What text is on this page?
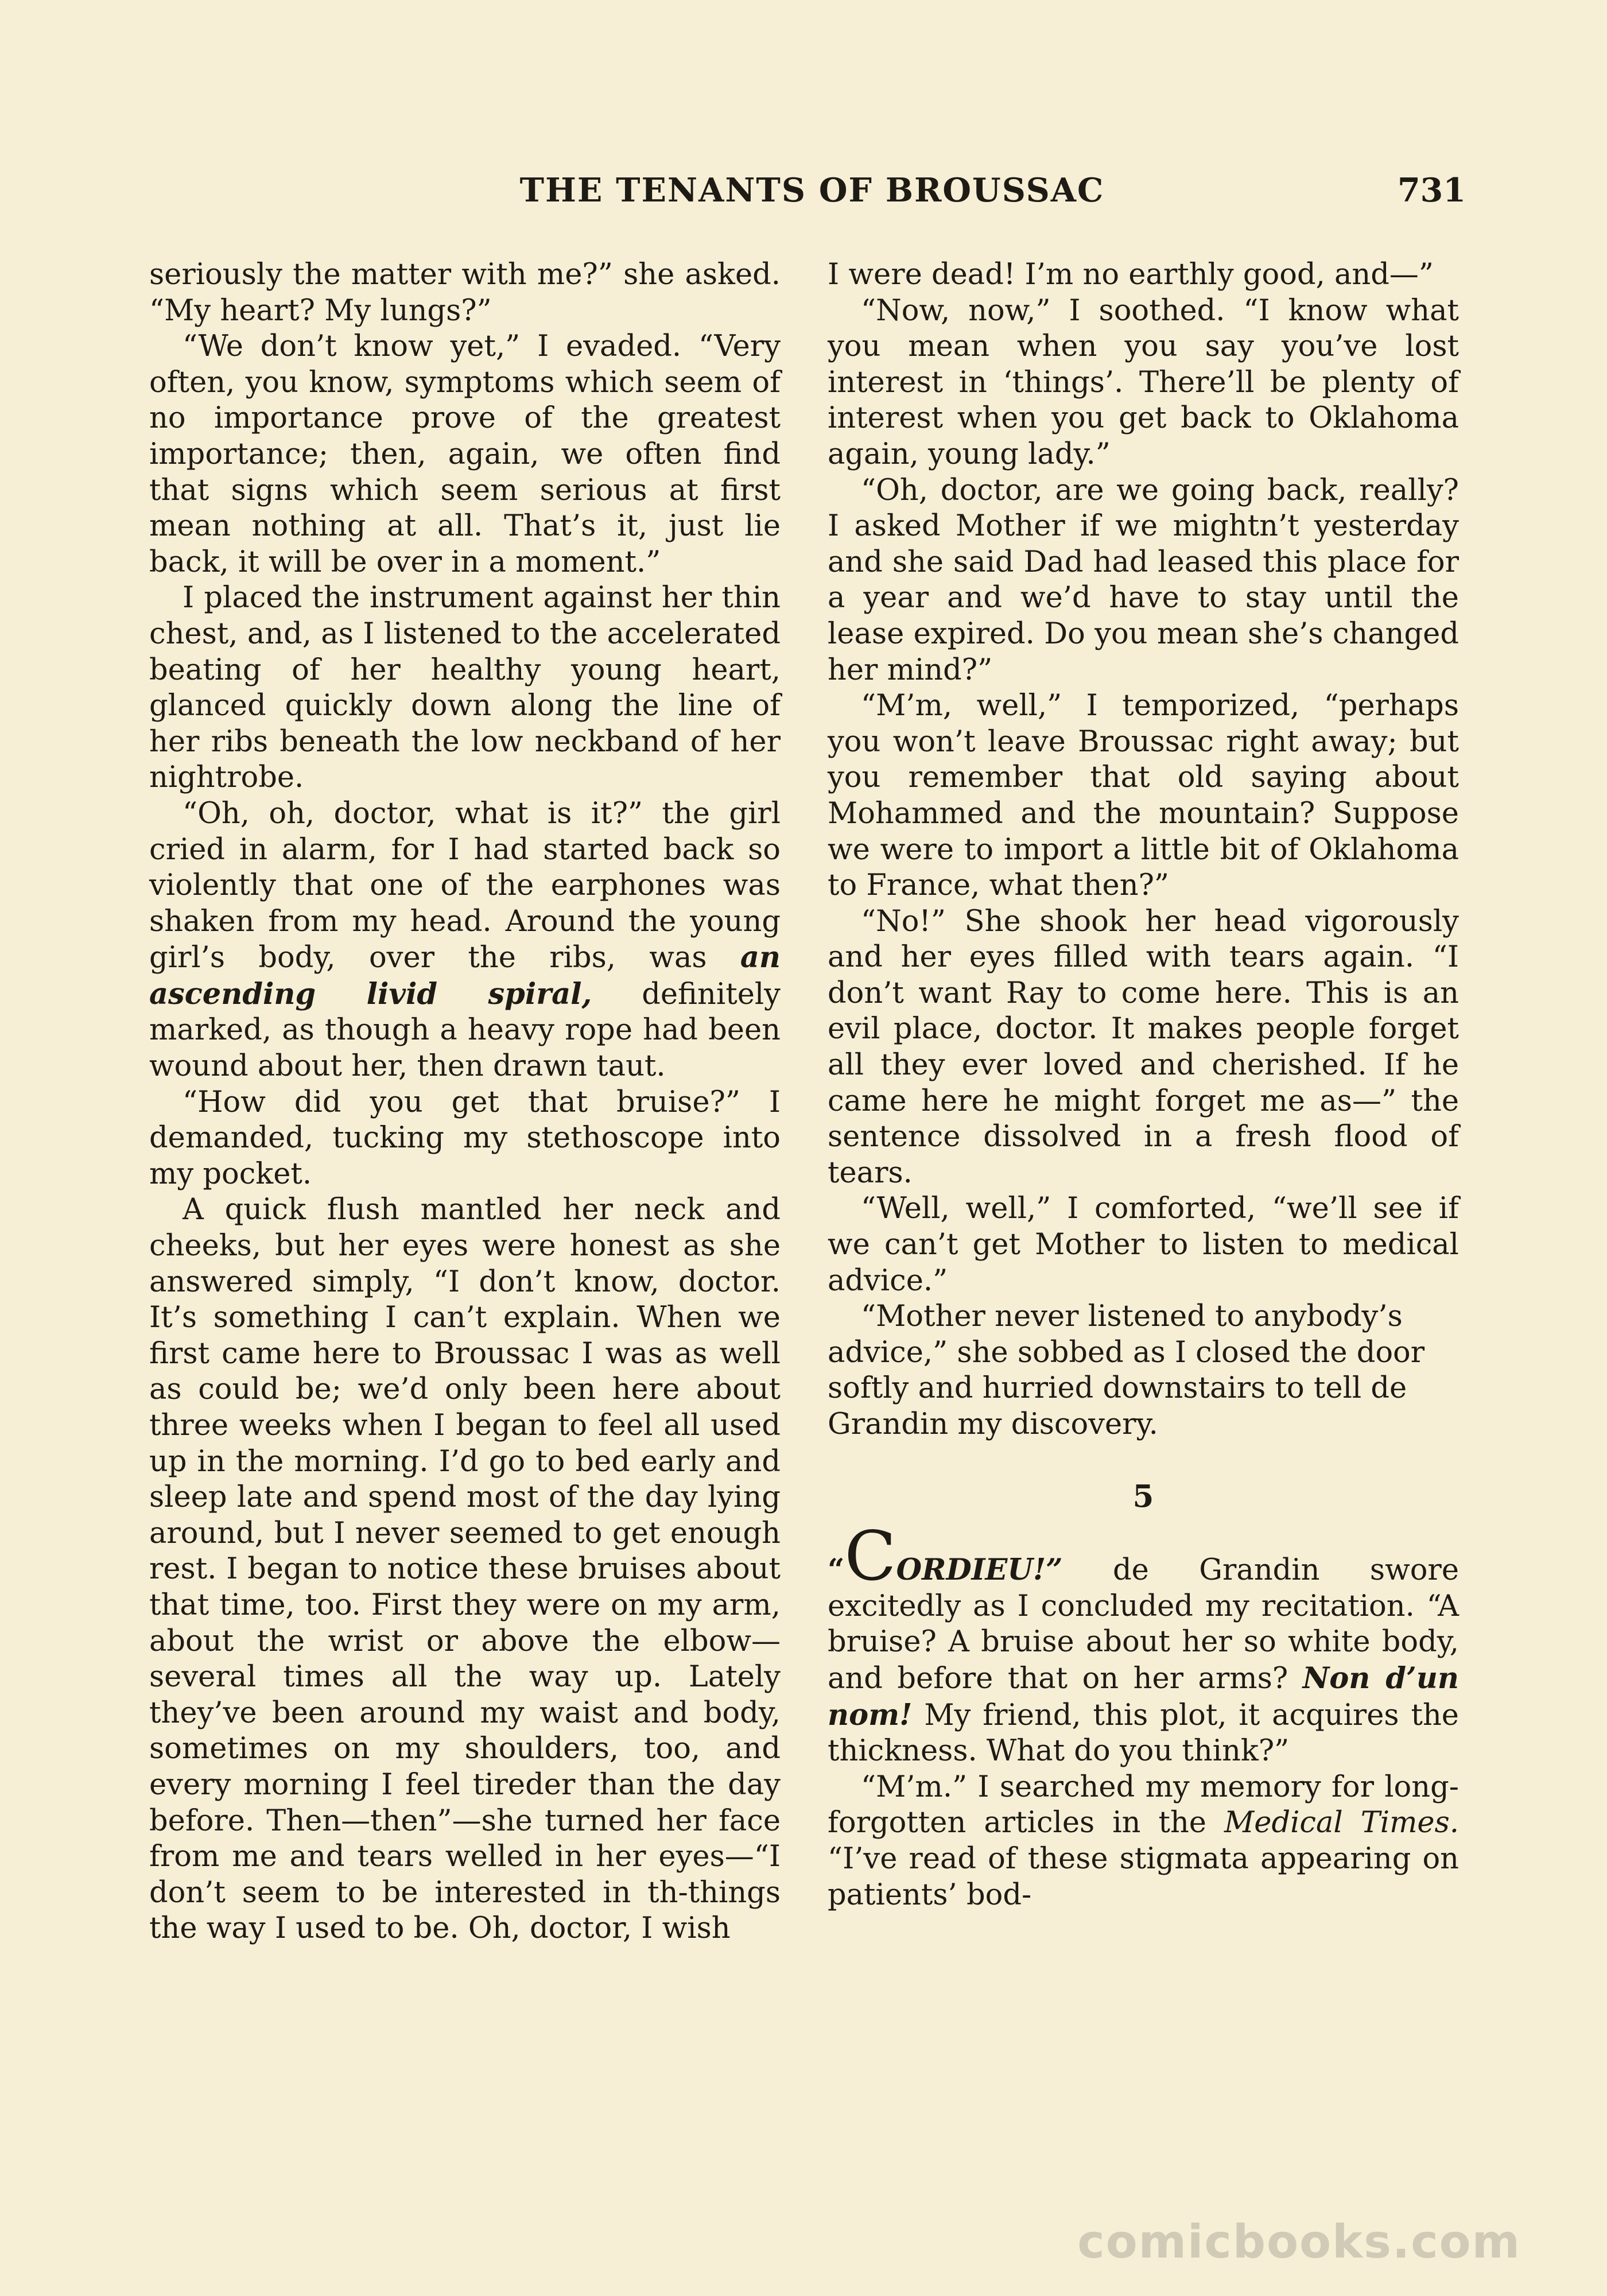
THE TENANTS OF BROUSSAC	731

seriously the matter with me?” she asked. “My heart? My lungs?”

“We don’t know yet,” I evaded. “Very often, you know, symptoms which seem of no importance prove of the greatest importance; then, again, we often find that signs which seem serious at first mean nothing at all. That’s it, just lie back, it will be over in a moment.”

I placed the instrument against her thin chest, and, as I listened to the accelerated beating of her healthy young heart, glanced quickly down along the line of her ribs beneath the low neckband of her nightrobe.

“Oh, oh, doctor, what is it?” the girl cried in alarm, for I had started back so violently that one of the earphones was shaken from my head. Around the young girl’s body, over the ribs, was an ascending livid spiral, definitely marked, as though a heavy rope had been wound about her, then drawn taut.

“How did you get that bruise?” I demanded, tucking my stethoscope into my pocket.

A quick flush mantled her neck and cheeks, but her eyes were honest as she answered simply, “I don’t know, doctor. It’s something I can’t explain. When we first came here to Broussac I was as well as could be; we’d only been here about three weeks when I began to feel all used up in the morning. I’d go to bed early and sleep late and spend most of the day lying around, but I never seemed to get enough rest. I began to notice these bruises about that time, too. First they were on my arm, about the wrist or above the elbow—several times all the way up. Lately they’ve been around my waist and body, sometimes on my shoulders, too, and every morning I feel tireder than the day before. Then—then”—she turned her face from me and tears welled in her eyes—“I don’t seem to be interested in th-things the way I used to be. Oh, doctor, I wish

I were dead! I’m no earthly good, and—”

“Now, now,” I soothed. “I know what you mean when you say you’ve lost interest in ‘things’. There’ll be plenty of interest when you get back to Oklahoma again, young lady.”

“Oh, doctor, are we going back, really? I asked Mother if we mightn’t yesterday and she said Dad had leased this place for a year and we’d have to stay until the lease expired. Do you mean she’s changed her mind?”

“M’m, well,” I temporized, “perhaps you won’t leave Broussac right away; but you remember that old saying about Mohammed and the mountain? Suppose we were to import a little bit of Oklahoma to France, what then?”

“No!” She shook her head vigorously and her eyes filled with tears again. “I don’t want Ray to come here. This is an evil place, doctor. It makes people forget all they ever loved and cherished. If he came here he might forget me as—” the sentence dissolved in a fresh flood of tears.

“Well, well,” I comforted, “we’ll see if we can’t get Mother to listen to medical advice.”

“Mother never listened to anybody’s advice,” she sobbed as I closed the door softly and hurried downstairs to tell de Grandin my discovery.

5

“CORDIEU!” de Grandin swore excitedly as I concluded my recitation. “A bruise? A bruise about her so white body, and before that on her arms? Non d’un nom! My friend, this plot, it acquires the thickness. What do you think?”

“M’m.” I searched my memory for long-forgotten articles in the Medical Times. “I’ve read of these stigmata appearing on patients’ bod-

comicbooks.com
